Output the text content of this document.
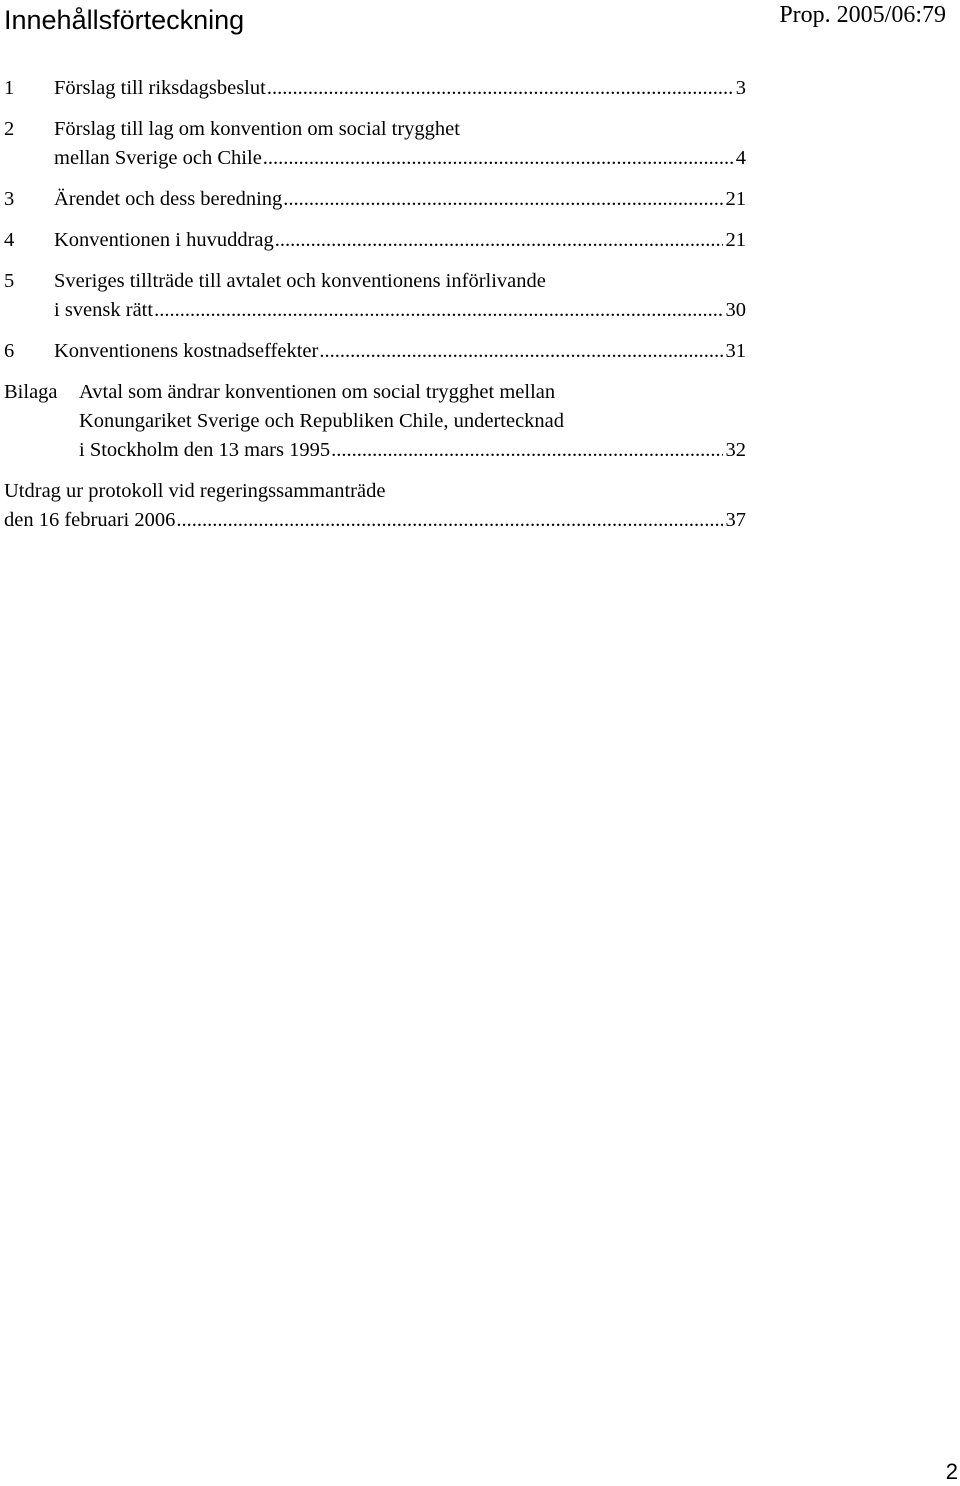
Innehållsförteckning	Prop. 2005/06:79
1	Förslag till riksdagsbeslut .....	3
2	Förslag till lag om konvention om social trygghet
mellan Sverige och Chile .....	4
3	Ärendet och dess beredning .....	21
4	Konventionen i huvuddrag .....	21
5	Sveriges tillträde till avtalet och konventionens införlivande
i svensk rätt .....	30
6	Konventionens kostnadseffekter .....	31
Bilaga	Avtal som ändrar konventionen om social trygghet mellan
Konungariket Sverige och Republiken Chile, undertecknad
i Stockholm den 13 mars 1995 .....	32
Utdrag ur protokoll vid regeringssammanträde
den 16 februari 2006 .....	37
2
